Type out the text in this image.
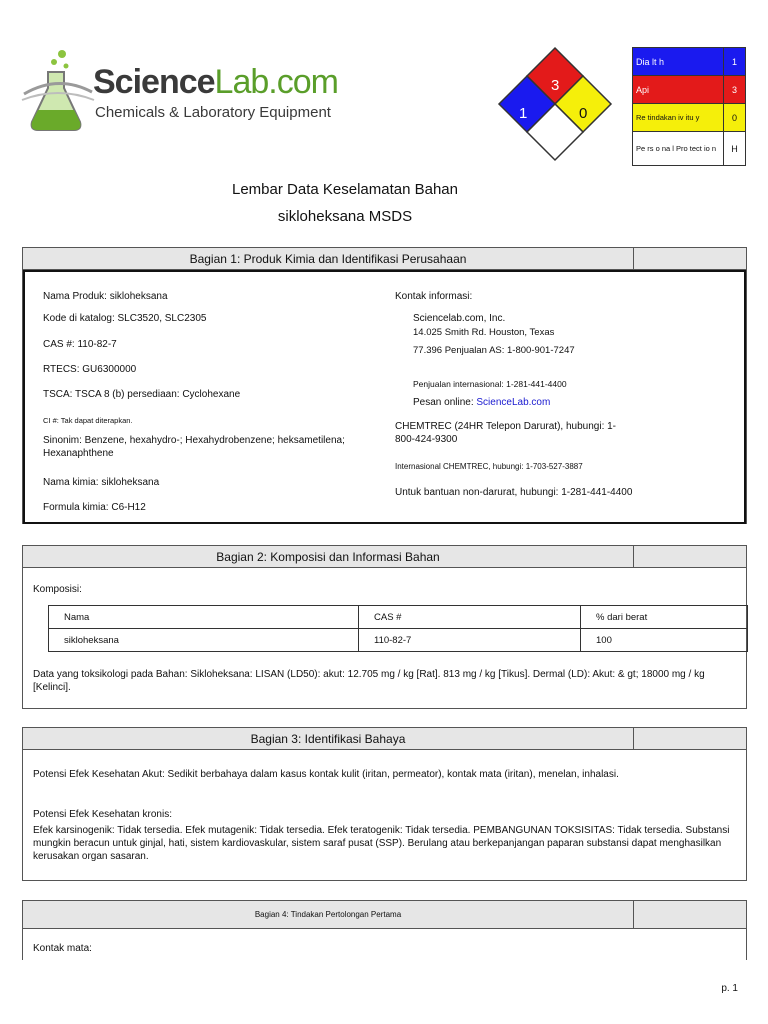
ScienceLab.com
Chemicals & Laboratory Equipment
3
1	0
Dia lt h	1
Api	3
Re tindakan iv itu y	0
Pe rs o na l Pro tect io n	H
Lembar Data Keselamatan Bahan
sikloheksana MSDS
Bagian 1: Produk Kimia dan Identifikasi Perusahaan
Nama Produk: sikloheksana
Kode di katalog: SLC3520, SLC2305
CAS #: 110-82-7
RTECS: GU6300000
TSCA: TSCA 8 (b) persediaan: Cyclohexane
CI #: Tak dapat diterapkan.
Sinonim: Benzene, hexahydro-; Hexahydrobenzene; heksametilena; Hexanaphthene
Nama kimia: sikloheksana
Formula kimia: C6-H12
Kontak informasi:
Sciencelab.com, Inc.
14.025 Smith Rd. Houston, Texas
77.396 Penjualan AS: 1-800-901-7247
Penjualan internasional: 1-281-441-4400
Pesan online: ScienceLab.com
CHEMTREC (24HR Telepon Darurat), hubungi: 1-800-424-9300
Internasional CHEMTREC, hubungi: 1-703-527-3887
Untuk bantuan non-darurat, hubungi: 1-281-441-4400
Bagian 2: Komposisi dan Informasi Bahan
Komposisi:
Data yang toksikologi pada Bahan: Sikloheksana: LISAN (LD50): akut: 12.705 mg / kg [Rat]. 813 mg / kg [Tikus]. Dermal (LD): Akut: & gt; 18000 mg / kg [Kelinci].
Nama	CAS #	% dari berat
sikloheksana	110-82-7	100
Bagian 3: Identifikasi Bahaya
Potensi Efek Kesehatan Akut: Sedikit berbahaya dalam kasus kontak kulit (iritan, permeator), kontak mata (iritan), menelan, inhalasi.
Potensi Efek Kesehatan kronis:
Efek karsinogenik: Tidak tersedia. Efek mutagenik: Tidak tersedia. Efek teratogenik: Tidak tersedia. PEMBANGUNAN TOKSISITAS: Tidak tersedia. Substansi mungkin beracun untuk ginjal, hati, sistem kardiovaskular, sistem saraf pusat (SSP). Berulang atau berkepanjangan paparan substansi dapat menghasilkan kerusakan organ sasaran.
Bagian 4: Tindakan Pertolongan Pertama
Kontak mata:
p. 1
